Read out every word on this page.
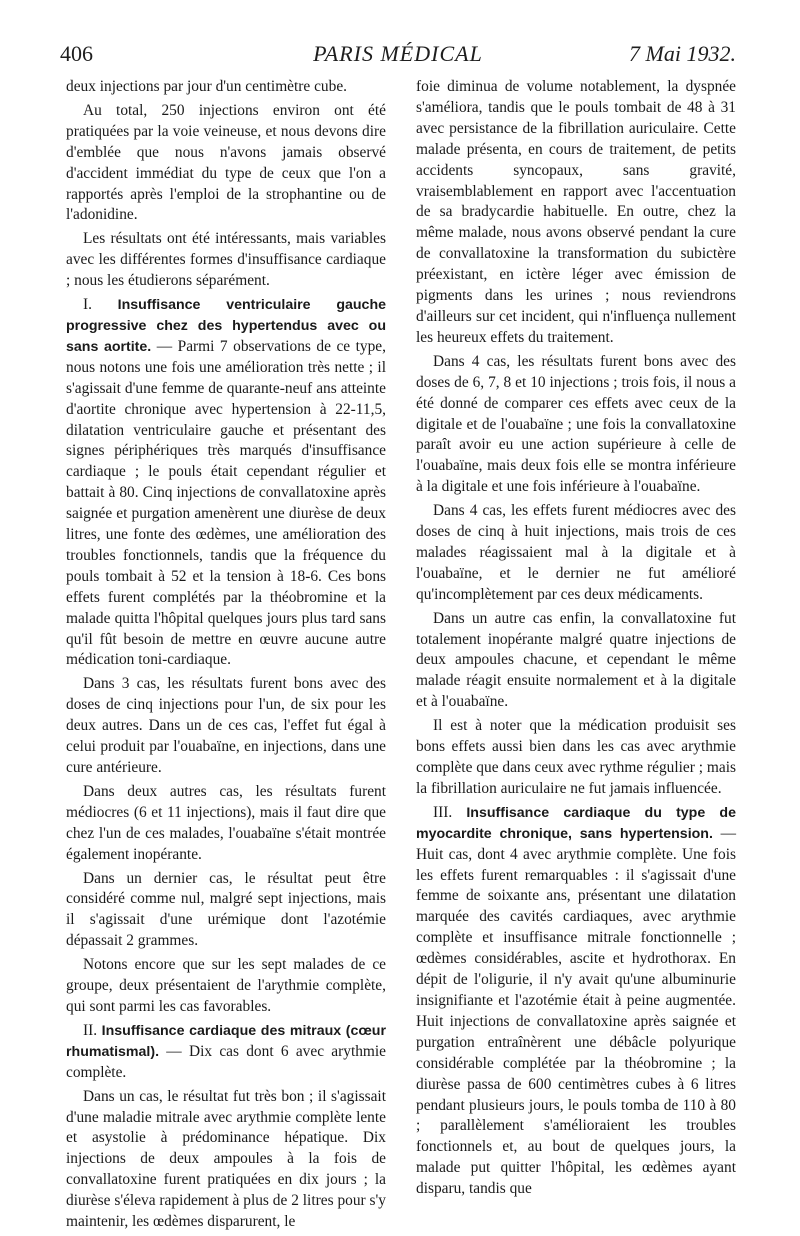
406	PARIS MÉDICAL	7 Mai 1932.

deux injections par jour d'un centimètre cube.

Au total, 250 injections environ ont été pratiquées par la voie veineuse, et nous devons dire d'emblée que nous n'avons jamais observé d'accident immédiat du type de ceux que l'on a rapportés après l'emploi de la strophantine ou de l'adonidine.

Les résultats ont été intéressants, mais variables avec les différentes formes d'insuffisance cardiaque ; nous les étudierons séparément.

I. Insuffisance ventriculaire gauche progressive chez des hypertendus avec ou sans aortite. — Parmi 7 observations de ce type, nous notons une fois une amélioration très nette ; il s'agissait d'une femme de quarante-neuf ans atteinte d'aortite chronique avec hypertension à 22-11,5, dilatation ventriculaire gauche et présentant des signes périphériques très marqués d'insuffisance cardiaque ; le pouls était cependant régulier et battait à 80. Cinq injections de convallatoxine après saignée et purgation amenèrent une diurèse de deux litres, une fonte des œdèmes, une amélioration des troubles fonctionnels, tandis que la fréquence du pouls tombait à 52 et la tension à 18-6. Ces bons effets furent complétés par la théobromine et la malade quitta l'hôpital quelques jours plus tard sans qu'il fût besoin de mettre en œuvre aucune autre médication toni-cardiaque.

Dans 3 cas, les résultats furent bons avec des doses de cinq injections pour l'un, de six pour les deux autres. Dans un de ces cas, l'effet fut égal à celui produit par l'ouabaïne, en injections, dans une cure antérieure.

Dans deux autres cas, les résultats furent médiocres (6 et 11 injections), mais il faut dire que chez l'un de ces malades, l'ouabaïne s'était montrée également inopérante.

Dans un dernier cas, le résultat peut être considéré comme nul, malgré sept injections, mais il s'agissait d'une urémique dont l'azotémie dépassait 2 grammes.

Notons encore que sur les sept malades de ce groupe, deux présentaient de l'arythmie complète, qui sont parmi les cas favorables.

II. Insuffisance cardiaque des mitraux (cœur rhumatismal). — Dix cas dont 6 avec arythmie complète.

Dans un cas, le résultat fut très bon ; il s'agissait d'une maladie mitrale avec arythmie complète lente et asystolie à prédominance hépatique. Dix injections de deux ampoules à la fois de convallatoxine furent pratiquées en dix jours ; la diurèse s'éleva rapidement à plus de 2 litres pour s'y maintenir, les œdèmes disparurent, le

foie diminua de volume notablement, la dyspnée s'améliora, tandis que le pouls tombait de 48 à 31 avec persistance de la fibrillation auriculaire. Cette malade présenta, en cours de traitement, de petits accidents syncopaux, sans gravité, vraisemblablement en rapport avec l'accentuation de sa bradycardie habituelle. En outre, chez la même malade, nous avons observé pendant la cure de convallatoxine la transformation du subictère préexistant, en ictère léger avec émission de pigments dans les urines ; nous reviendrons d'ailleurs sur cet incident, qui n'influença nullement les heureux effets du traitement.

Dans 4 cas, les résultats furent bons avec des doses de 6, 7, 8 et 10 injections ; trois fois, il nous a été donné de comparer ces effets avec ceux de la digitale et de l'ouabaïne ; une fois la convallatoxine paraît avoir eu une action supérieure à celle de l'ouabaïne, mais deux fois elle se montra inférieure à la digitale et une fois inférieure à l'ouabaïne.

Dans 4 cas, les effets furent médiocres avec des doses de cinq à huit injections, mais trois de ces malades réagissaient mal à la digitale et à l'ouabaïne, et le dernier ne fut amélioré qu'incomplètement par ces deux médicaments.

Dans un autre cas enfin, la convallatoxine fut totalement inopérante malgré quatre injections de deux ampoules chacune, et cependant le même malade réagit ensuite normalement et à la digitale et à l'ouabaïne.

Il est à noter que la médication produisit ses bons effets aussi bien dans les cas avec arythmie complète que dans ceux avec rythme régulier ; mais la fibrillation auriculaire ne fut jamais influencée.

III. Insuffisance cardiaque du type de myocardite chronique, sans hypertension. — Huit cas, dont 4 avec arythmie complète. Une fois les effets furent remarquables : il s'agissait d'une femme de soixante ans, présentant une dilatation marquée des cavités cardiaques, avec arythmie complète et insuffisance mitrale fonctionnelle ; œdèmes considérables, ascite et hydrothorax. En dépit de l'oligurie, il n'y avait qu'une albuminurie insignifiante et l'azotémie était à peine augmentée. Huit injections de convallatoxine après saignée et purgation entraînèrent une débâcle polyurique considérable complétée par la théobromine ; la diurèse passa de 600 centimètres cubes à 6 litres pendant plusieurs jours, le pouls tomba de 110 à 80 ; parallèlement s'amélioraient les troubles fonctionnels et, au bout de quelques jours, la malade put quitter l'hôpital, les œdèmes ayant disparu, tandis que
